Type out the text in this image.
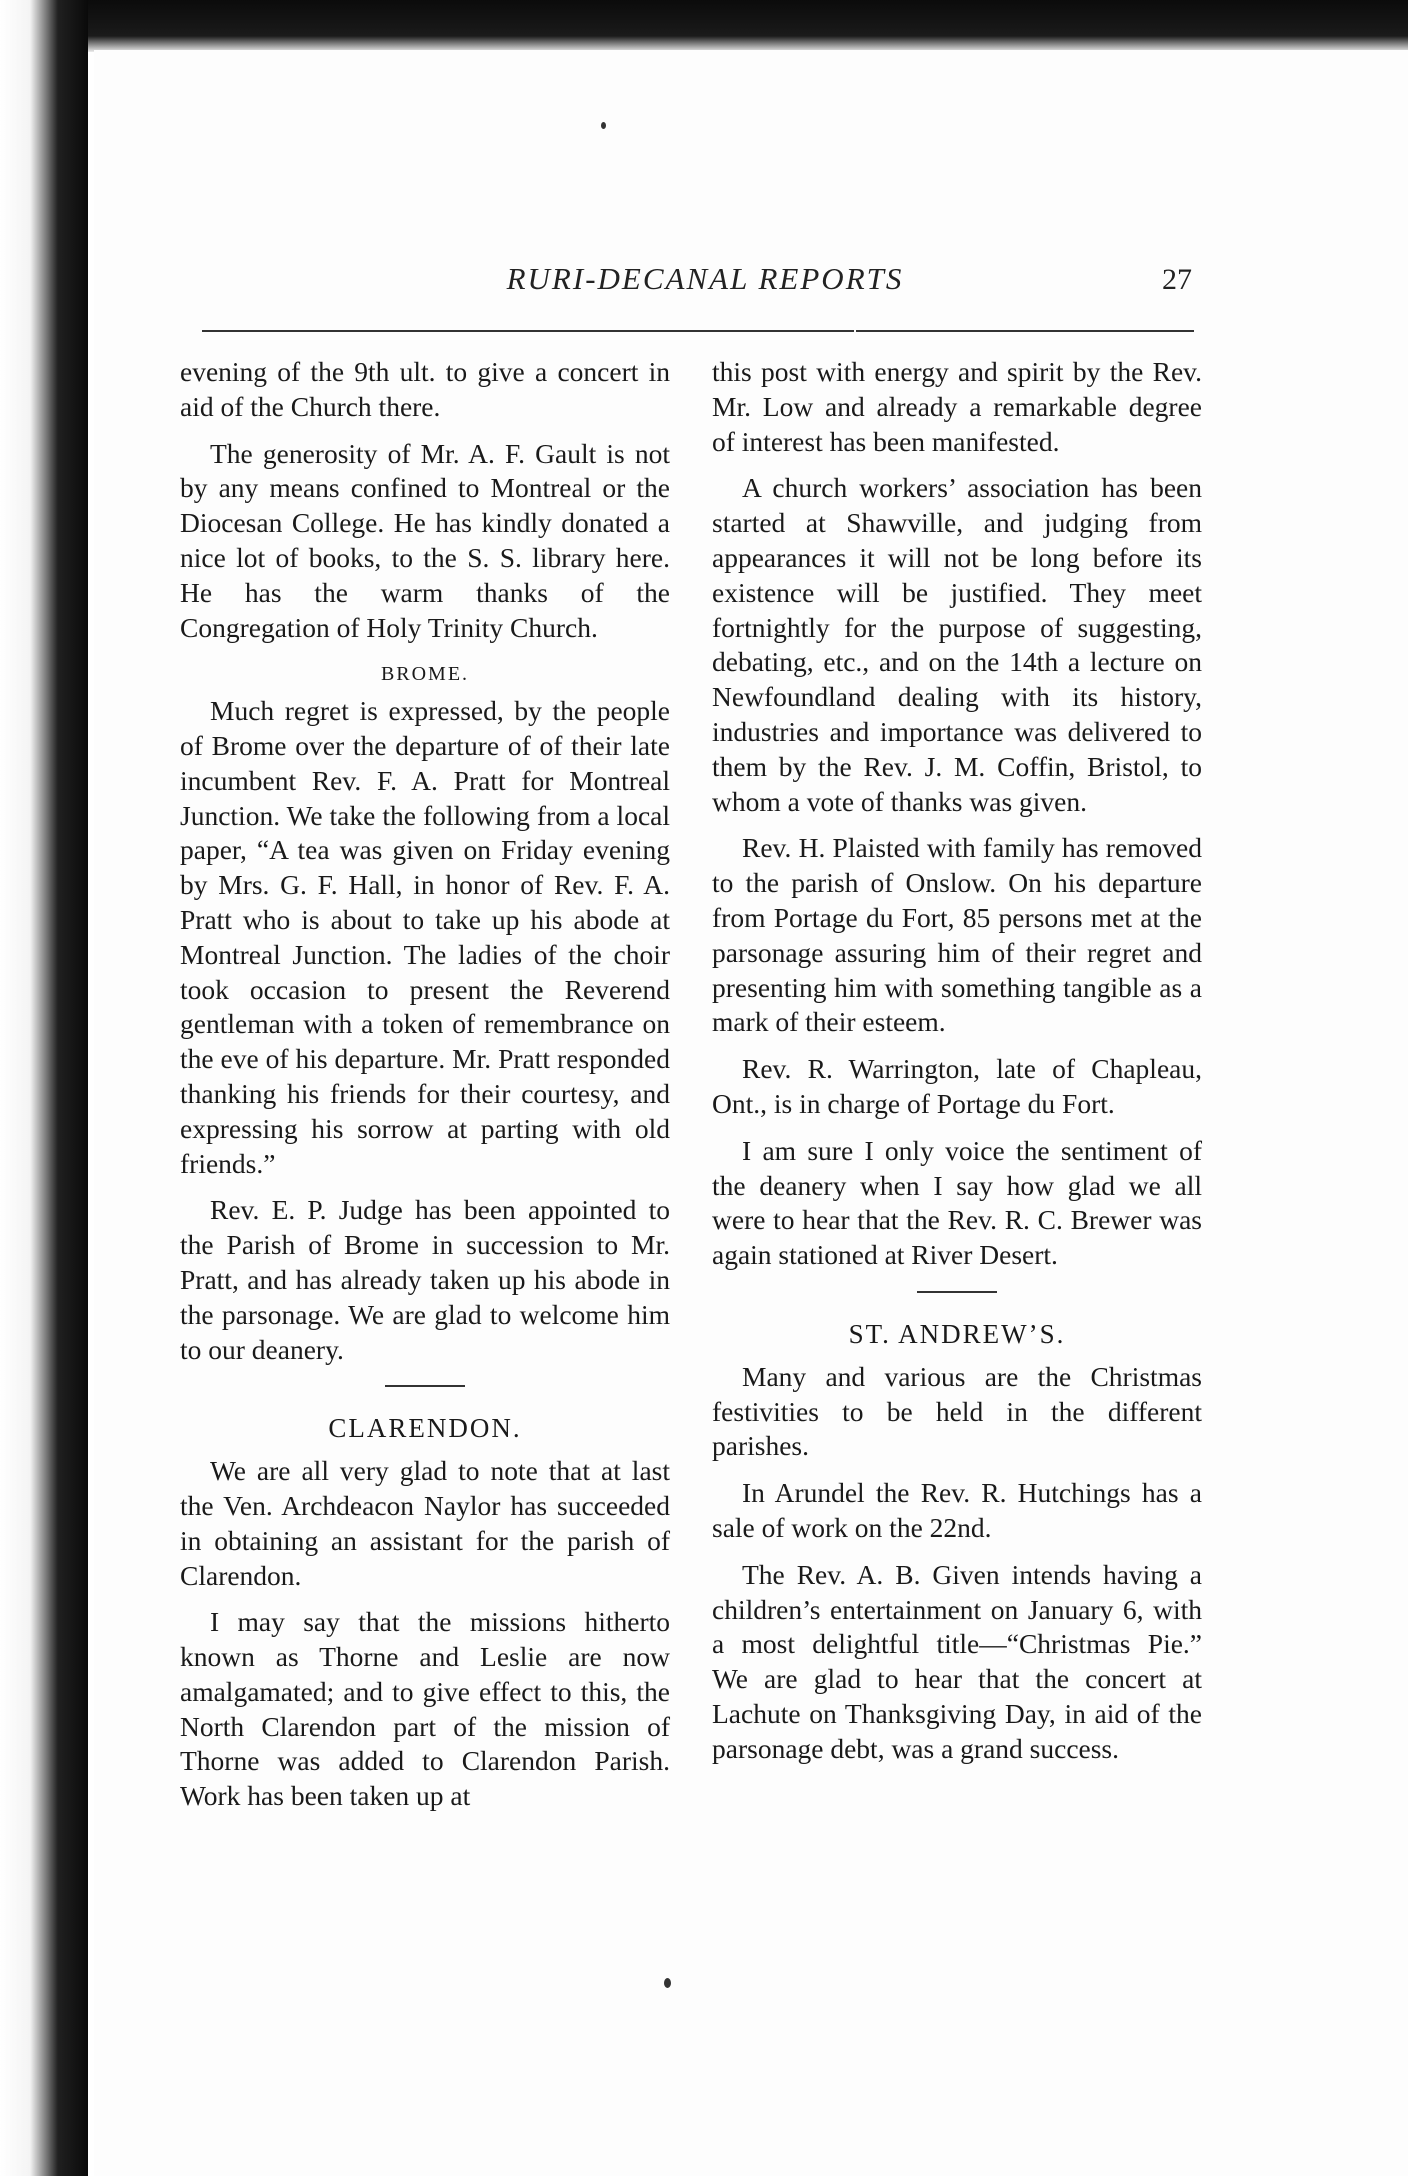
RURI-DECANAL REPORTS	27

evening of the 9th ult. to give a concert in aid of the Church there.

The generosity of Mr. A. F. Gault is not by any means confined to Montreal or the Diocesan College. He has kindly donated a nice lot of books, to the S. S. library here. He has the warm thanks of the Congregation of Holy Trinity Church.

BROME.

Much regret is expressed, by the people of Brome over the departure of of their late incumbent Rev. F. A. Pratt for Montreal Junction. We take the following from a local paper, “A tea was given on Friday evening by Mrs. G. F. Hall, in honor of Rev. F. A. Pratt who is about to take up his abode at Montreal Junction. The ladies of the choir took occasion to present the Reverend gentleman with a token of remembrance on the eve of his departure. Mr. Pratt responded thanking his friends for their courtesy, and expressing his sorrow at parting with old friends.”

Rev. E. P. Judge has been appointed to the Parish of Brome in succession to Mr. Pratt, and has already taken up his abode in the parsonage. We are glad to welcome him to our deanery.

CLARENDON.

We are all very glad to note that at last the Ven. Archdeacon Naylor has succeeded in obtaining an assistant for the parish of Clarendon.

I may say that the missions hitherto known as Thorne and Leslie are now amalgamated; and to give effect to this, the North Clarendon part of the mission of Thorne was added to Clarendon Parish. Work has been taken up at

this post with energy and spirit by the Rev. Mr. Low and already a remarkable degree of interest has been manifested.

A church workers’ association has been started at Shawville, and judging from appearances it will not be long before its existence will be justified. They meet fortnightly for the purpose of suggesting, debating, etc., and on the 14th a lecture on Newfoundland dealing with its history, industries and importance was delivered to them by the Rev. J. M. Coffin, Bristol, to whom a vote of thanks was given.

Rev. H. Plaisted with family has removed to the parish of Onslow. On his departure from Portage du Fort, 85 persons met at the parsonage assuring him of their regret and presenting him with something tangible as a mark of their esteem.

Rev. R. Warrington, late of Chapleau, Ont., is in charge of Portage du Fort.

I am sure I only voice the sentiment of the deanery when I say how glad we all were to hear that the Rev. R. C. Brewer was again stationed at River Desert.

ST. ANDREW’S.

Many and various are the Christmas festivities to be held in the different parishes.

In Arundel the Rev. R. Hutchings has a sale of work on the 22nd.

The Rev. A. B. Given intends having a children’s entertainment on January 6, with a most delightful title—“Christmas Pie.” We are glad to hear that the concert at Lachute on Thanksgiving Day, in aid of the parsonage debt, was a grand success.
